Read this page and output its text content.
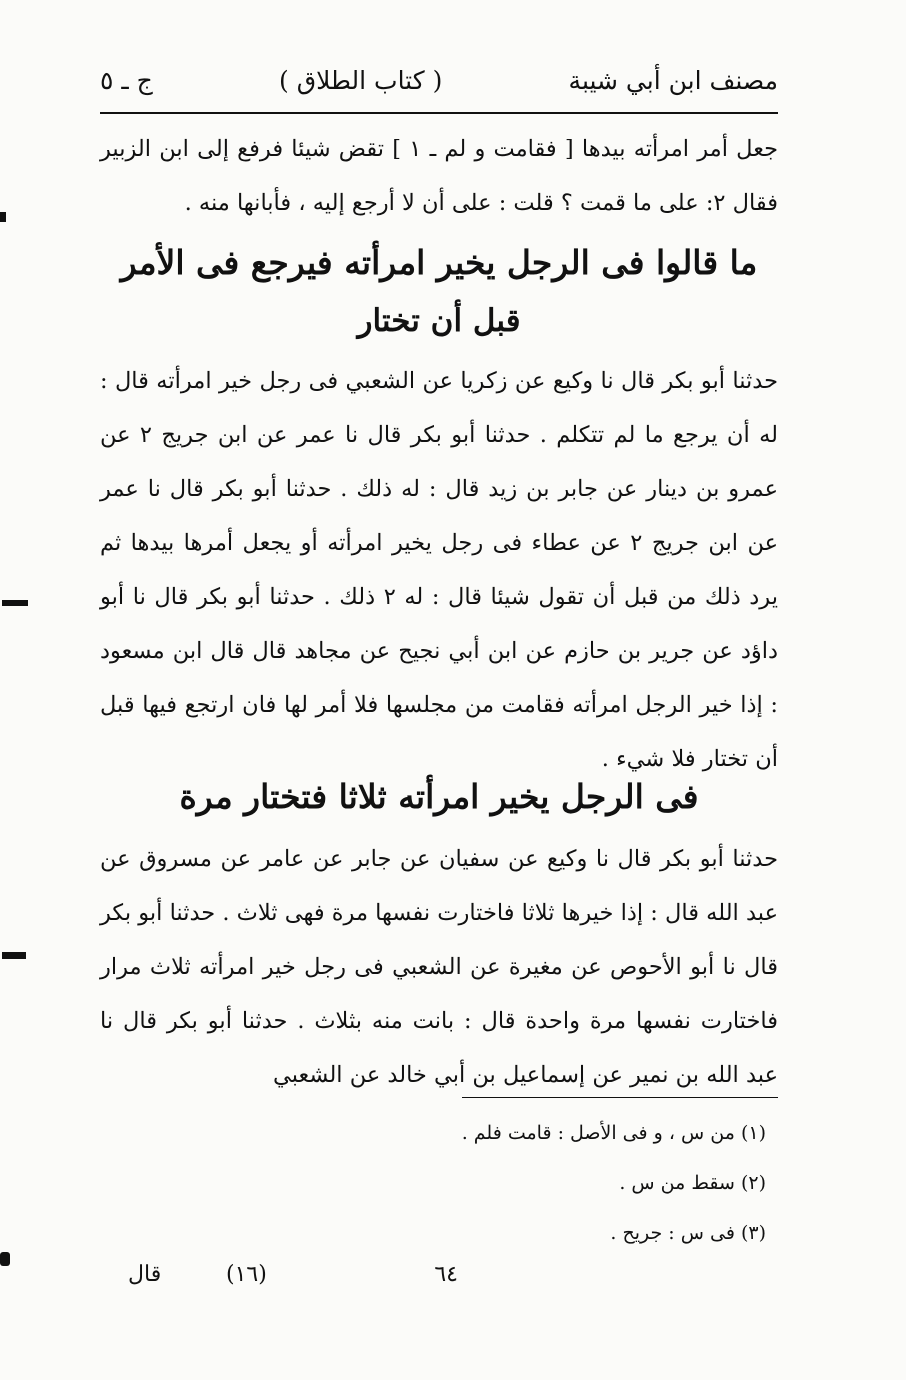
مصنف ابن أبي شيبة
( كتاب الطلاق )
ج ـ ٥

جعل أمر امرأته بيدها [ فقامت و لم ـ ١ ] تقض شيئا فرفع إلى ابن الزبير فقال ٢: على ما قمت ؟ قلت : على أن لا أرجع إليه ، فأبانها منه .

ما قالوا فى الرجل يخير امرأته فيرجع فى الأمر

قبل أن تختار

حدثنا أبو بكر قال نا وكيع عن زكريا عن الشعبي فى رجل خير امرأته قال : له أن يرجع ما لم تتكلم . حدثنا أبو بكر قال نا عمر عن ابن جريج ٢ عن عمرو بن دينار عن جابر بن زيد قال : له ذلك . حدثنا أبو بكر قال نا عمر عن ابن جريج ٢ عن عطاء فى رجل يخير امرأته أو يجعل أمرها بيدها ثم يرد ذلك من قبل أن تقول شيئا قال : له ٢ ذلك . حدثنا أبو بكر قال نا أبو داؤد عن جرير بن حازم عن ابن أبي نجيح عن مجاهد قال قال ابن مسعود : إذا خير الرجل امرأته فقامت من مجلسها فلا أمر لها فان ارتجع فيها قبل أن تختار فلا شيء .

فى الرجل يخير امرأته ثلاثا فتختار مرة

حدثنا أبو بكر قال نا وكيع عن سفيان عن جابر عن عامر عن مسروق عن عبد الله قال : إذا خيرها ثلاثا فاختارت نفسها مرة فهى ثلاث . حدثنا أبو بكر قال نا أبو الأحوص عن مغيرة عن الشعبي فى رجل خير امرأته ثلاث مرار فاختارت نفسها مرة واحدة قال : بانت منه بثلاث . حدثنا أبو بكر قال نا عبد الله بن نمير عن إسماعيل بن أبي خالد عن الشعبي

(١) من س ، و فى الأصل : قامت فلم .
(٢) سقط من س .
(٣) فى س : جريح .
٦٤
(١٦)
قال
